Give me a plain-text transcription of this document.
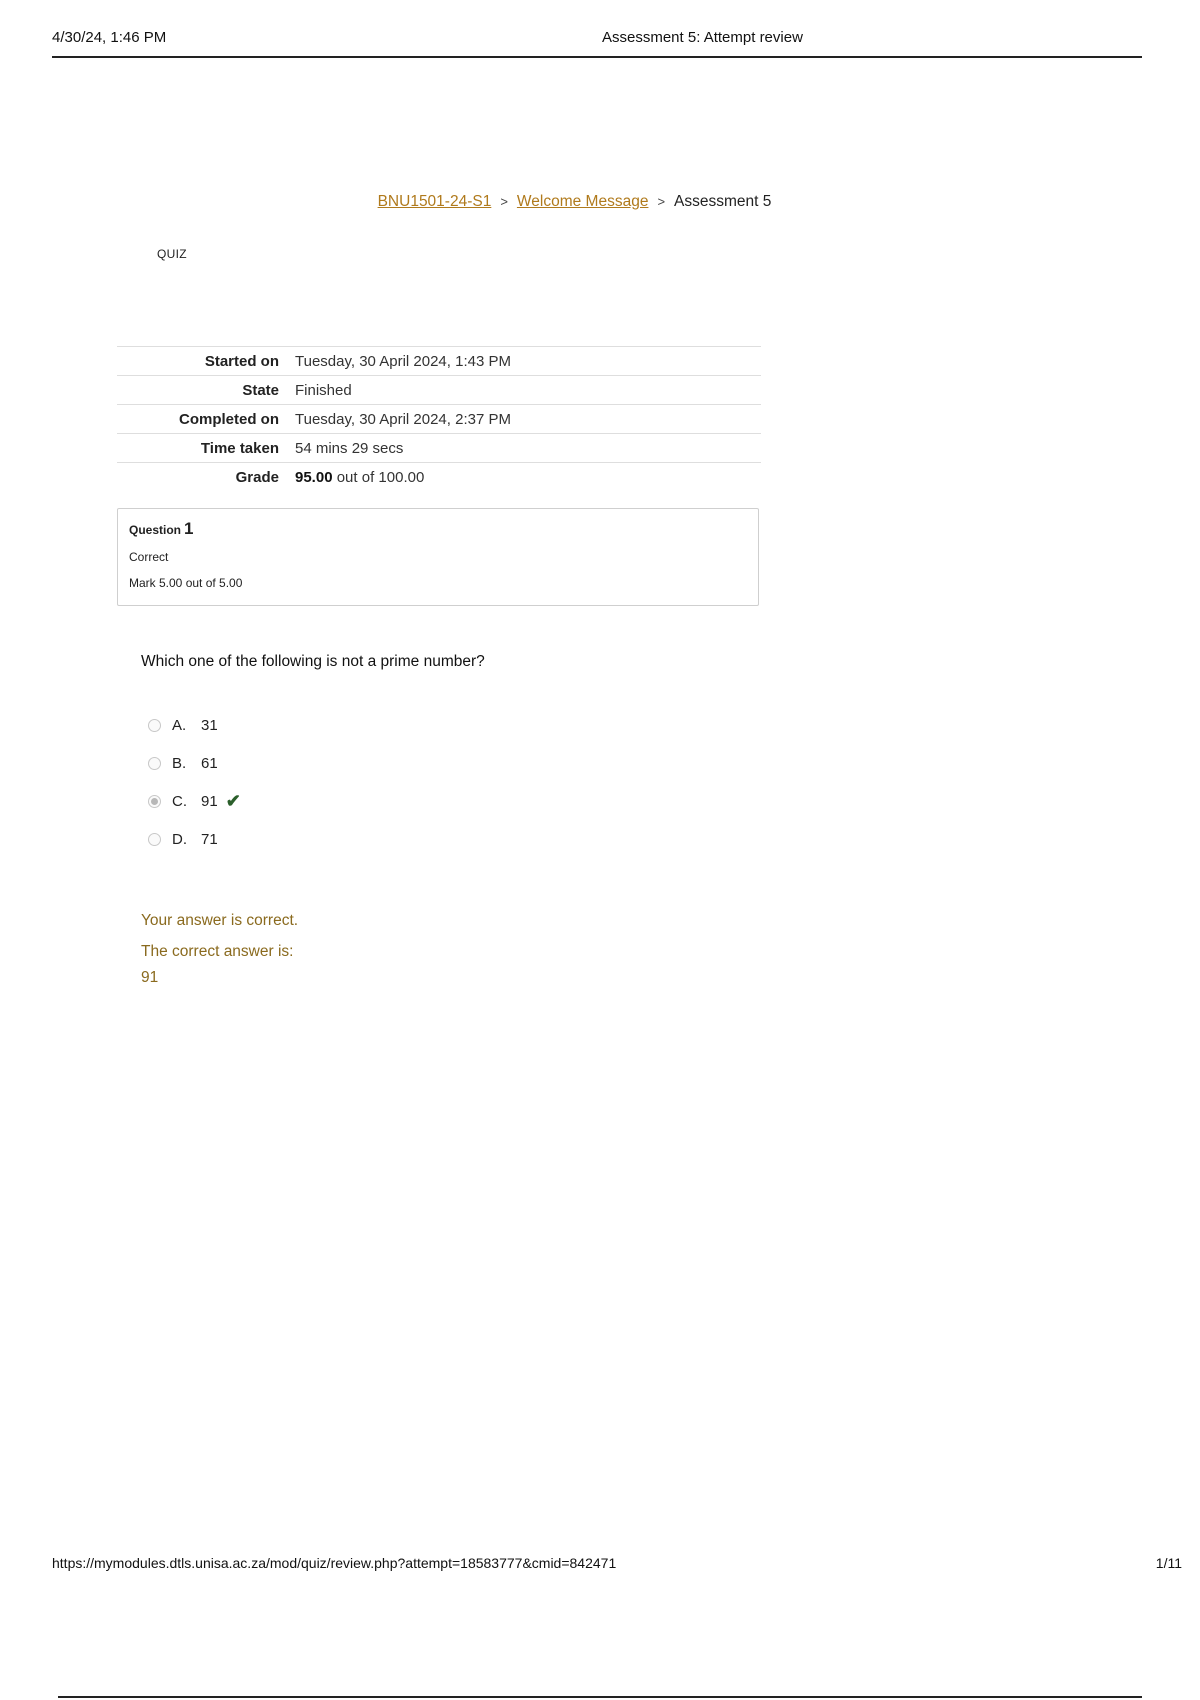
4/30/24, 1:46 PM	Assessment 5: Attempt review
BNU1501-24-S1 > Welcome Message > Assessment 5
QUIZ
Started on	Tuesday, 30 April 2024, 1:43 PM
State	Finished
Completed on	Tuesday, 30 April 2024, 2:37 PM
Time taken	54 mins 29 secs
Grade	95.00 out of 100.00
Question 1
Correct
Mark 5.00 out of 5.00
Which one of the following is not a prime number?
A. 31
B. 61
C. 91 ✔
D. 71
Your answer is correct.
The correct answer is:
91
https://mymodules.dtls.unisa.ac.za/mod/quiz/review.php?attempt=18583777&cmid=842471	1/11
